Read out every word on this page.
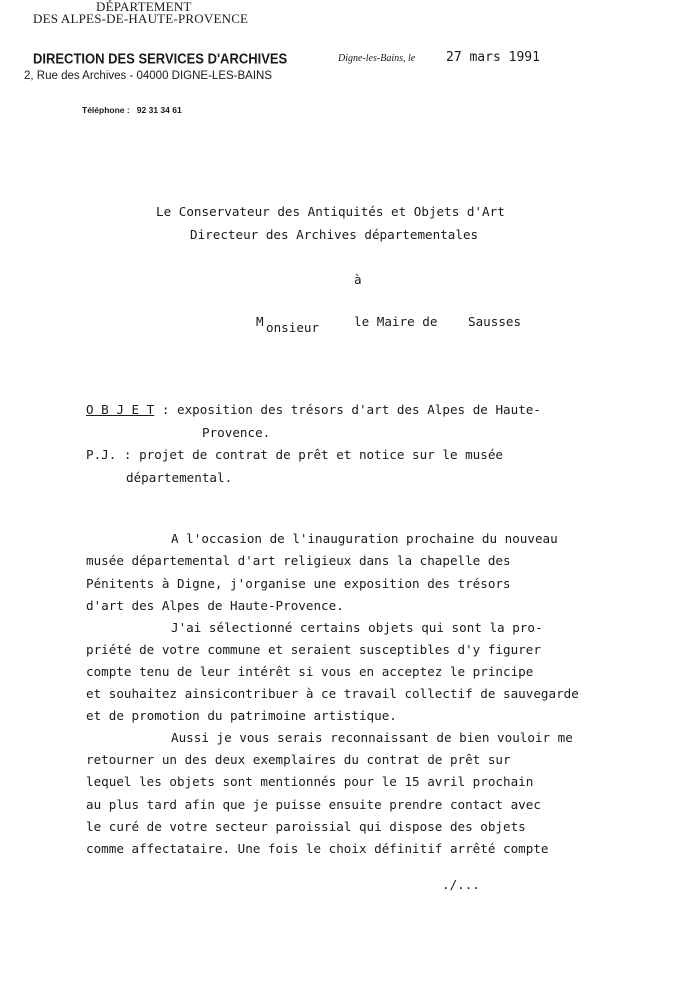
DÉPARTEMENT
DES ALPES-DE-HAUTE-PROVENCE
DIRECTION DES SERVICES D'ARCHIVES
2, Rue des Archives - 04000 DIGNE-LES-BAINS
Téléphone : 92 31 34 61
Digne-les-Bains, le 27 mars 1991
Le Conservateur des Antiquités et Objets d'Art
Directeur des Archives départementales
à
M onsieur	le Maire de Sausses
O B J E T : exposition des trésors d'art des Alpes de Haute-
Provence.
P.J. : projet de contrat de prêt et notice sur le musée
départemental.
A l'occasion de l'inauguration prochaine du nouveau
musée départemental d'art religieux dans la chapelle des
Pénitents à Digne, j'organise une exposition des trésors
d'art des Alpes de Haute-Provence.
J'ai sélectionné certains objets qui sont la pro-
priété de votre commune et seraient susceptibles d'y figurer
compte tenu de leur intérêt si vous en acceptez le principe
et souhaitez ainsicontribuer à ce travail collectif de sauvegarde
et de promotion du patrimoine artistique.
Aussi je vous serais reconnaissant de bien vouloir me
retourner un des deux exemplaires du contrat de prêt sur
lequel les objets sont mentionnés pour le 15 avril prochain
au plus tard afin que je puisse ensuite prendre contact avec
le curé de votre secteur paroissial qui dispose des objets
comme affectataire. Une fois le choix définitif arrêté compte
./...
